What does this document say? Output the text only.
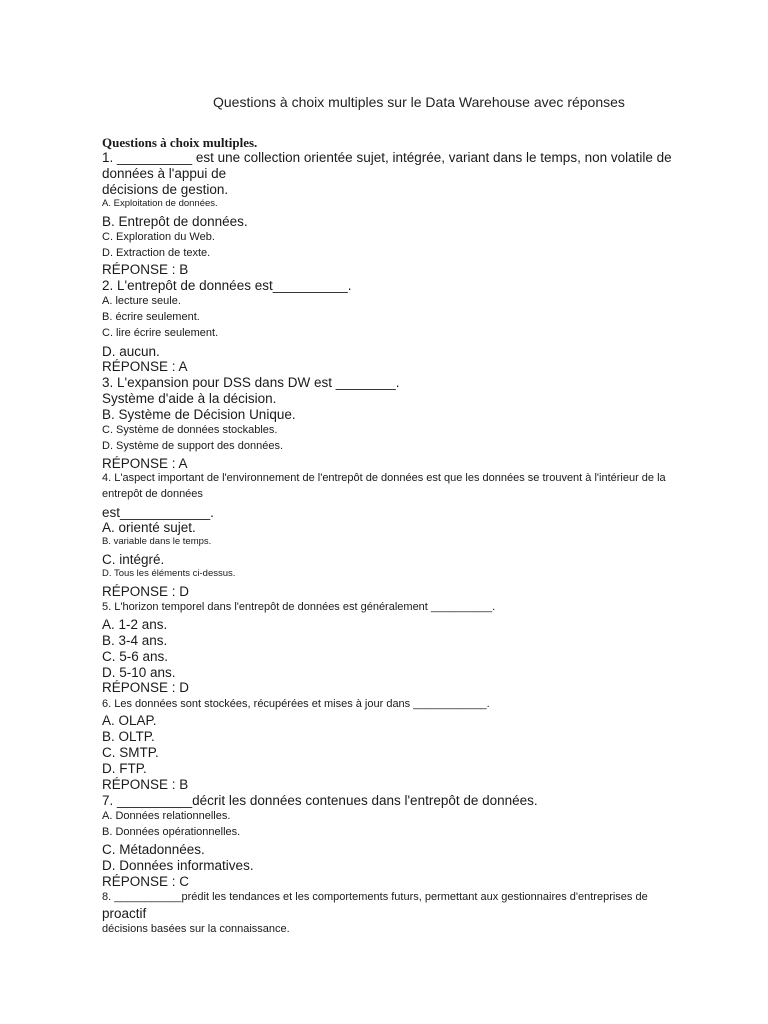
Questions à choix multiples sur le Data Warehouse avec réponses
Questions à choix multiples.
1. __________ est une collection orientée sujet, intégrée, variant dans le temps, non volatile de
données à l'appui de
décisions de gestion.
A. Exploitation de données.
B. Entrepôt de données.
C. Exploration du Web.
D. Extraction de texte.
RÉPONSE : B
2. L'entrepôt de données est__________.
A. lecture seule.
B. écrire seulement.
C. lire écrire seulement.
D. aucun.
RÉPONSE : A
3. L'expansion pour DSS dans DW est ________.
Système d'aide à la décision.
B. Système de Décision Unique.
C. Système de données stockables.
D. Système de support des données.
RÉPONSE : A
4. L'aspect important de l'environnement de l'entrepôt de données est que les données se trouvent à l'intérieur de la
entrepôt de données
est____________.
A. orienté sujet.
B. variable dans le temps.
C. intégré.
D. Tous les éléments ci-dessus.
RÉPONSE : D
5. L'horizon temporel dans l'entrepôt de données est généralement __________.
A. 1-2 ans.
B. 3-4 ans.
C. 5-6 ans.
D. 5-10 ans.
RÉPONSE : D
6. Les données sont stockées, récupérées et mises à jour dans ____________.
A. OLAP.
B. OLTP.
C. SMTP.
D. FTP.
RÉPONSE : B
7. __________décrit les données contenues dans l'entrepôt de données.
A. Données relationnelles.
B. Données opérationnelles.
C. Métadonnées.
D. Données informatives.
RÉPONSE : C
8. ___________prédit les tendances et les comportements futurs, permettant aux gestionnaires d'entreprises de
proactif
décisions basées sur la connaissance.
